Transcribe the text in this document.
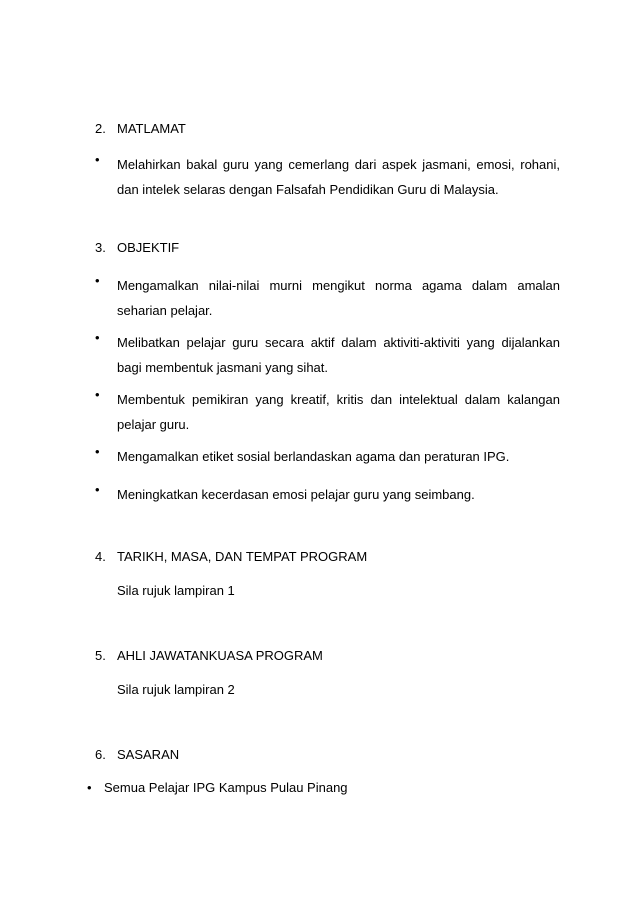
2. MATLAMAT
• Melahirkan bakal guru yang cemerlang dari aspek jasmani, emosi, rohani, dan intelek selaras dengan Falsafah Pendidikan Guru di Malaysia.
3. OBJEKTIF
• Mengamalkan nilai-nilai murni mengikut norma agama dalam amalan seharian pelajar.
• Melibatkan pelajar guru secara aktif dalam aktiviti-aktiviti yang dijalankan bagi membentuk jasmani yang sihat.
• Membentuk pemikiran yang kreatif, kritis dan intelektual dalam kalangan pelajar guru.
• Mengamalkan etiket sosial berlandaskan agama dan peraturan IPG.
• Meningkatkan kecerdasan emosi pelajar guru yang seimbang.
4. TARIKH, MASA, DAN TEMPAT PROGRAM
Sila rujuk lampiran 1
5. AHLI JAWATANKUASA PROGRAM
Sila rujuk lampiran 2
6. SASARAN
• Semua Pelajar IPG Kampus Pulau Pinang
